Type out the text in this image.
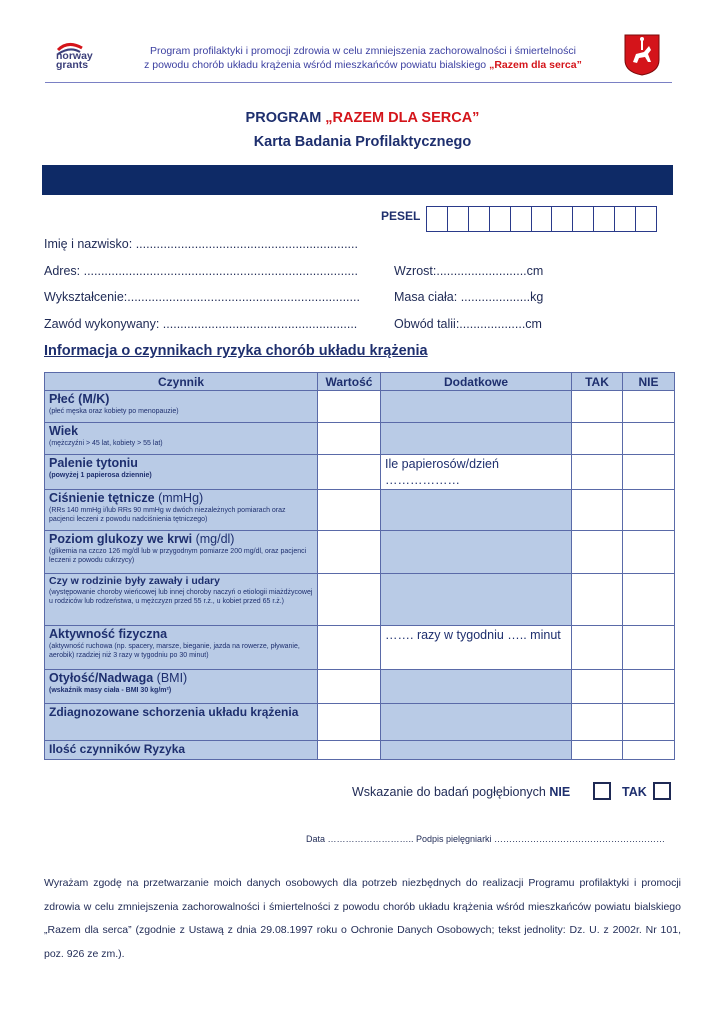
norway
grants
Program profilaktyki i promocji zdrowia w celu zmniejszenia zachorowalności i śmiertelności
z powodu chorób układu krążenia wśród mieszkańców powiatu bialskiego „Razem dla serca”
PROGRAM „RAZEM DLA SERCA”
Karta Badania Profilaktycznego
PESEL
Imię i nazwisko: ................................................................
Adres: ...............................................................................
Wykształcenie:...................................................................
Zawód wykonywany: ........................................................
Wzrost:..........................cm
Masa ciała: ....................kg
Obwód talii:...................cm
Informacja o czynnikach ryzyka chorób układu krążenia
Czynnik	Wartość	Dodatkowe	TAK	NIE

Płeć (M/K)
(płeć męska oraz kobiety po menopauzie)				

Wiek
(mężczyźni > 45 lat, kobiety > 55 lat)				

Palenie tytoniu
(powyżej 1 papierosa dziennie)		Ile papierosów/dzień ………………		

Ciśnienie tętnicze (mmHg)
(RRs 140 mmHg i/lub RRs 90 mmHg w dwóch niezależnych pomiarach oraz pacjenci leczeni z powodu nadciśnienia tętniczego)				

Poziom glukozy we krwi (mg/dl)
(glikemia na czczo 126 mg/dl lub w przygodnym pomiarze 200 mg/dl, oraz pacjenci leczeni z powodu cukrzycy)				

Czy w rodzinie były zawały i udary
(występowanie choroby wieńcowej lub innej choroby naczyń o etiologii miażdżycowej u rodziców lub rodzeństwa, u mężczyzn przed 55 r.ż., u kobiet przed 65 r.ż.)				

Aktywność fizyczna
(aktywność ruchowa (np. spacery, marsze, bieganie, jazda na rowerze, pływanie, aerobik) rzadziej niż 3 razy w tygodniu po 30 minut)		……. razy w tygodniu ….. minut		

Otyłość/Nadwaga (BMI)
(wskaźnik masy ciała - BMI 30 kg/m²)				

Zdiagnozowane schorzenia układu krążenia				

Ilość czynników Ryzyka				

Wskazanie do badań pogłębionych NIE	TAK
Data ……………………….. Podpis pielęgniarki …………………………………………………
Wyrażam zgodę na przetwarzanie moich danych osobowych dla potrzeb niezbędnych do realizacji Programu profilaktyki i promocji zdrowia w celu zmniejszenia zachorowalności i śmiertelności z powodu chorób układu krążenia wśród mieszkańców powiatu bialskiego „Razem dla serca” (zgodnie z Ustawą z dnia 29.08.1997 roku o Ochronie Danych Osobowych; tekst jednolity: Dz. U. z 2002r. Nr 101, poz. 926 ze zm.).
